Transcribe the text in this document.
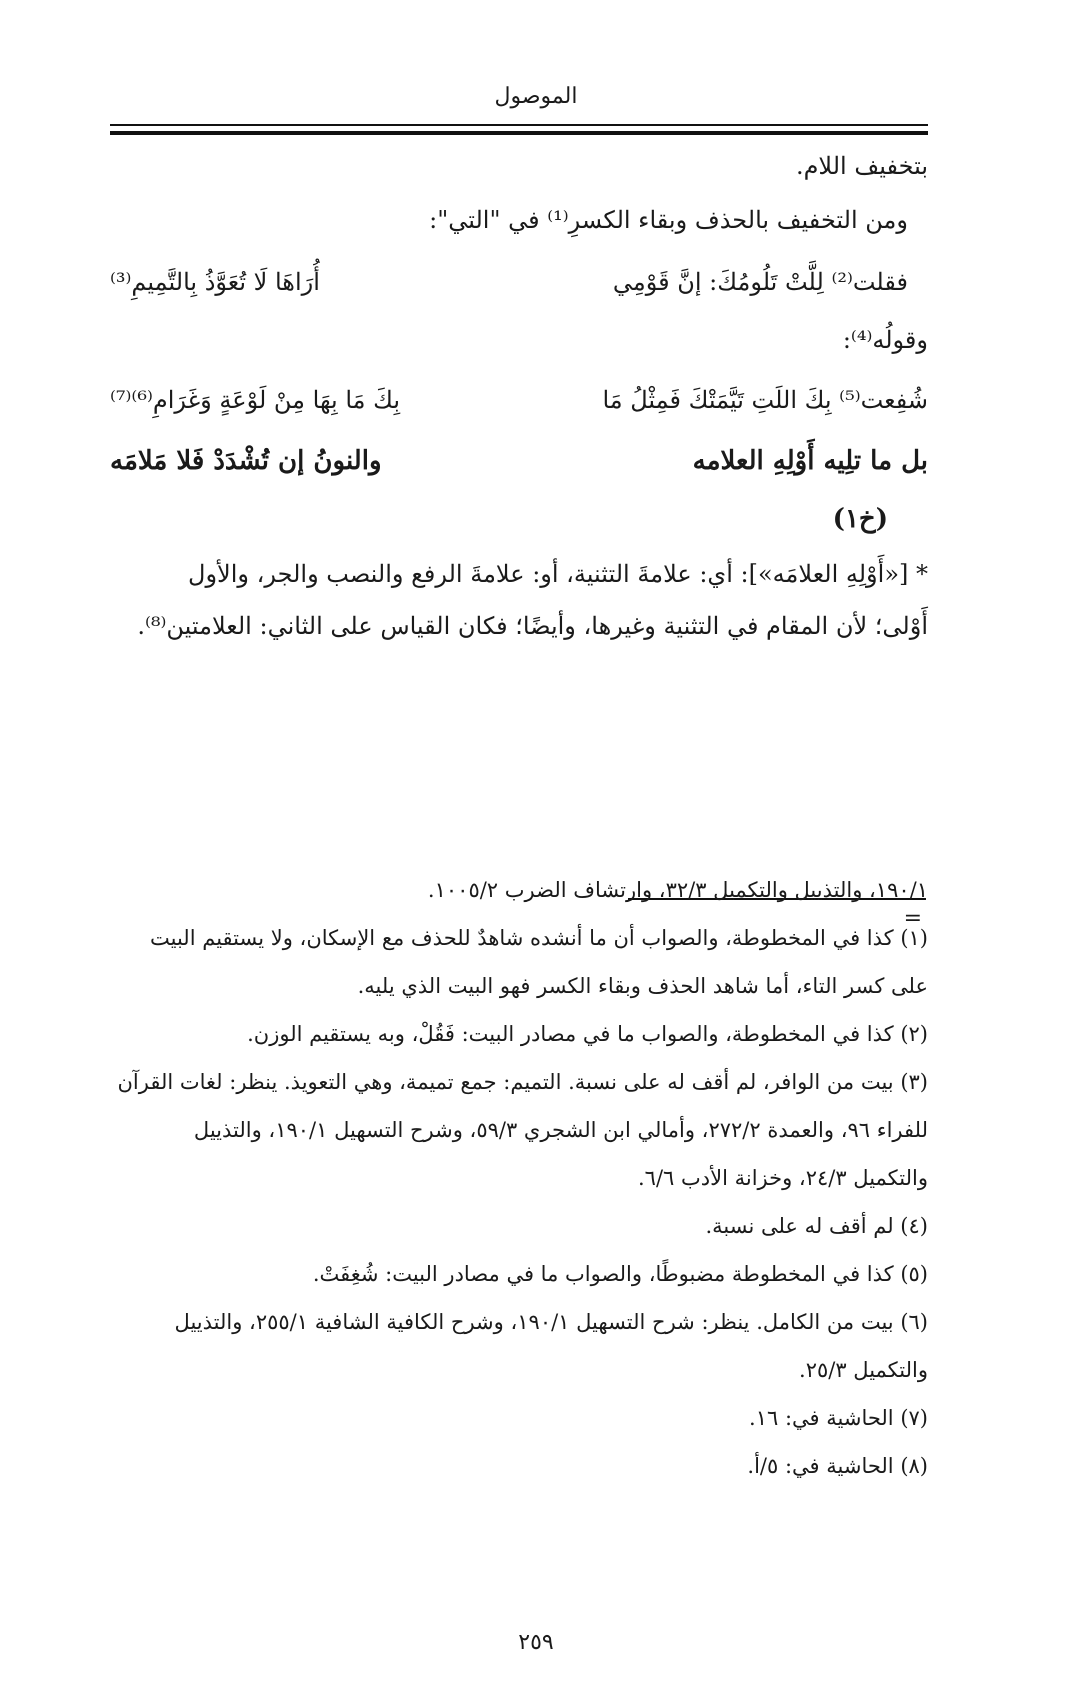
الموصول
بتخفيف اللام.
ومن التخفيف بالحذف وبقاء الكسرِ⁽¹⁾ في "التي":
فقلت⁽²⁾ لِلَّتْ تَلُومُكَ: إنَّ قَوْمِي
أُرَاهَا لَا تُعَوَّذُ بِالتَّمِيمِ⁽³⁾
وقولُه⁽⁴⁾:
شُفِعت⁽⁵⁾ بِكَ اللَتِ تَيَّمَتْكَ فَمِثْلُ مَا
بِكَ مَا بِهَا مِنْ لَوْعَةٍ وَغَرَامِ⁽⁶⁾⁽⁷⁾
بل ما تلِيه أَوْلِهِ العلامه
والنونُ إن تُشْدَدْ فَلا مَلامَه
(خ١)
* [«أَوْلِهِ العلامَه»]: أي: علامةَ التثنية، أو: علامةَ الرفع والنصب والجر، والأول
أَوْلى؛ لأن المقام في التثنية وغيرها، وأيضًا؛ فكان القياس على الثاني: العلامتين⁽⁸⁾.
=

١٩٠/١، والتذييل والتكميل ٣٢/٣، وارتشاف الضرب ١٠٠٥/٢.

(١) كذا في المخطوطة، والصواب أن ما أنشده شاهدٌ للحذف مع الإسكان، ولا يستقيم البيت

على كسر التاء، أما شاهد الحذف وبقاء الكسر فهو البيت الذي يليه.

(٢) كذا في المخطوطة، والصواب ما في مصادر البيت: فَقُلْ، وبه يستقيم الوزن.

(٣) بيت من الوافر، لم أقف له على نسبة. التميم: جمع تميمة، وهي التعويذ. ينظر: لغات القرآن

للفراء ٩٦، والعمدة ٢٧٢/٢، وأمالي ابن الشجري ٥٩/٣، وشرح التسهيل ١٩٠/١، والتذييل

والتكميل ٢٤/٣، وخزانة الأدب ٦/٦.

(٤) لم أقف له على نسبة.

(٥) كذا في المخطوطة مضبوطًا، والصواب ما في مصادر البيت: شُغِفَتْ.

(٦) بيت من الكامل. ينظر: شرح التسهيل ١٩٠/١، وشرح الكافية الشافية ٢٥٥/١، والتذييل

والتكميل ٢٥/٣.

(٧) الحاشية في: ١٦.

(٨) الحاشية في: ٥/أ.

٢٥٩
